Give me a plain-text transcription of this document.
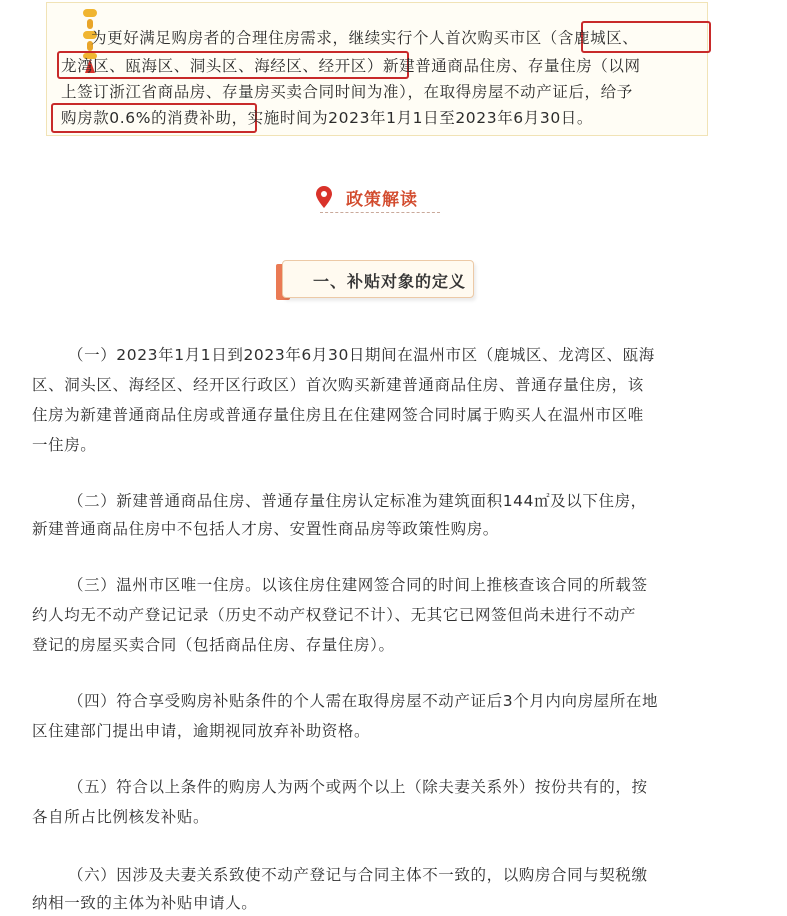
为更好满足购房者的合理住房需求，继续实行个人首次购买市区（含鹿城区、
龙湾区、瓯海区、洞头区、海经区、经开区）新建普通商品住房、存量住房（以网
上签订浙江省商品房、存量房买卖合同时间为准），在取得房屋不动产证后，给予
购房款0.6%的消费补助，实施时间为2023年1月1日至2023年6月30日。
政策解读
一、补贴对象的定义
（一）2023年1月1日到2023年6月30日期间在温州市区（鹿城区、龙湾区、瓯海
区、洞头区、海经区、经开区行政区）首次购买新建普通商品住房、普通存量住房，该
住房为新建普通商品住房或普通存量住房且在住建网签合同时属于购买人在温州市区唯
一住房。
（二）新建普通商品住房、普通存量住房认定标准为建筑面积144㎡及以下住房，
新建普通商品住房中不包括人才房、安置性商品房等政策性购房。
（三）温州市区唯一住房。以该住房住建网签合同的时间上推核查该合同的所载签
约人均无不动产登记记录（历史不动产权登记不计）、无其它已网签但尚未进行不动产
登记的房屋买卖合同（包括商品住房、存量住房）。
（四）符合享受购房补贴条件的个人需在取得房屋不动产证后3个月内向房屋所在地
区住建部门提出申请，逾期视同放弃补助资格。
（五）符合以上条件的购房人为两个或两个以上（除夫妻关系外）按份共有的，按
各自所占比例核发补贴。
（六）因涉及夫妻关系致使不动产登记与合同主体不一致的，以购房合同与契税缴
纳相一致的主体为补贴申请人。
